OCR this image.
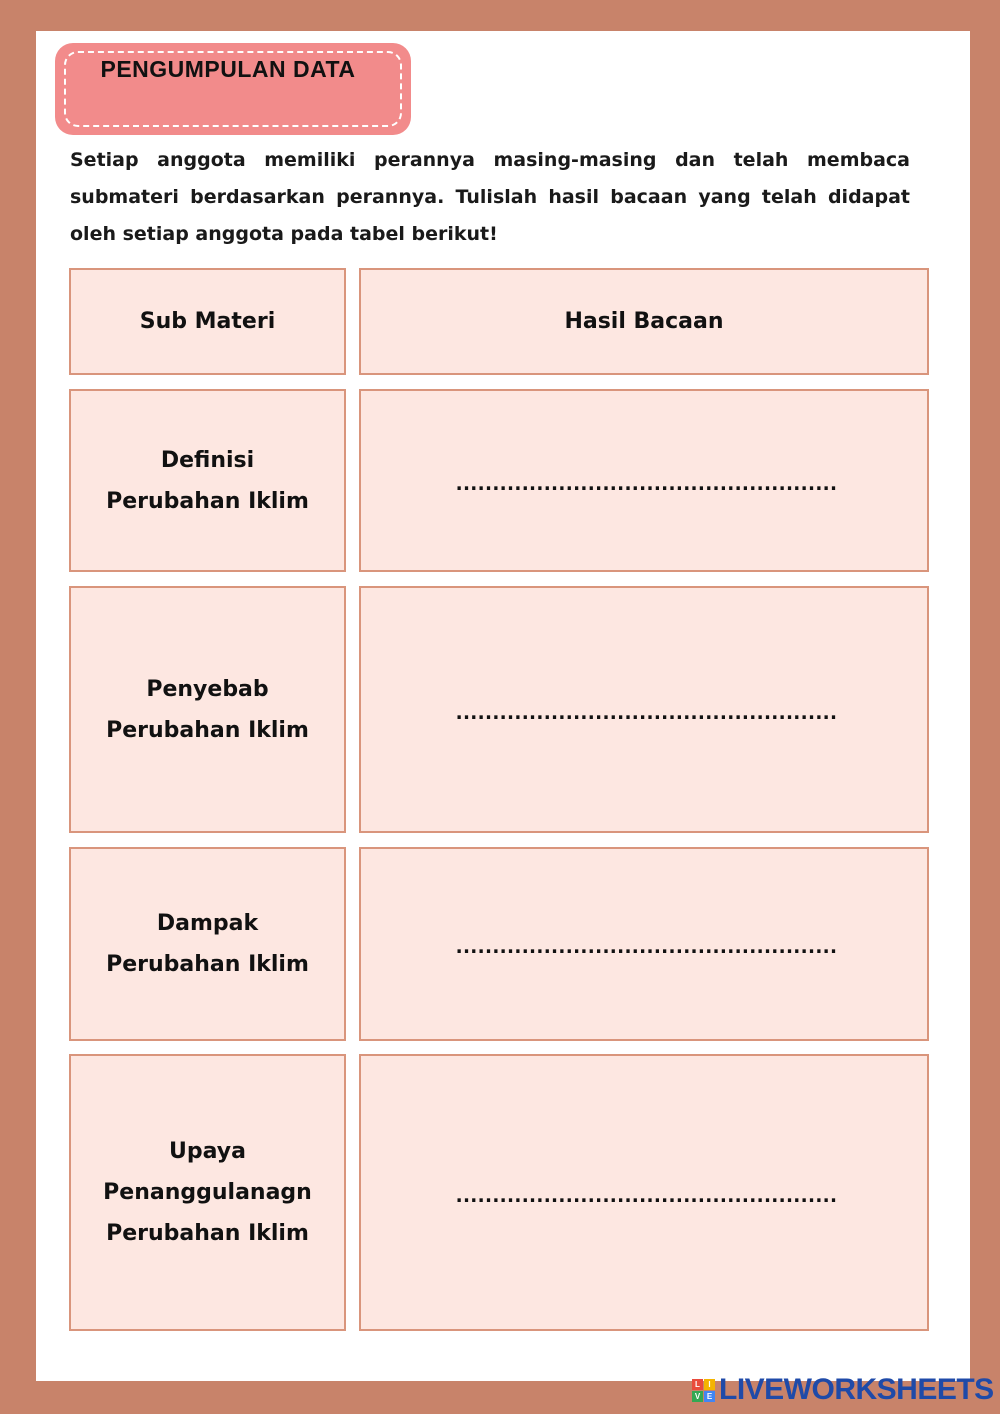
PENGUMPULAN DATA
Setiap anggota memiliki perannya masing-masing dan telah membaca submateri berdasarkan perannya. Tulislah hasil bacaan yang telah didapat oleh setiap anggota pada tabel berikut!
Sub Materi	Hasil Bacaan
Definisi Perubahan Iklim
....................................................
Penyebab Perubahan Iklim
....................................................
Dampak Perubahan Iklim
....................................................
Upaya Penanggulanagn Perubahan Iklim
....................................................
L	I
V E LIVEWORKSHEETS
